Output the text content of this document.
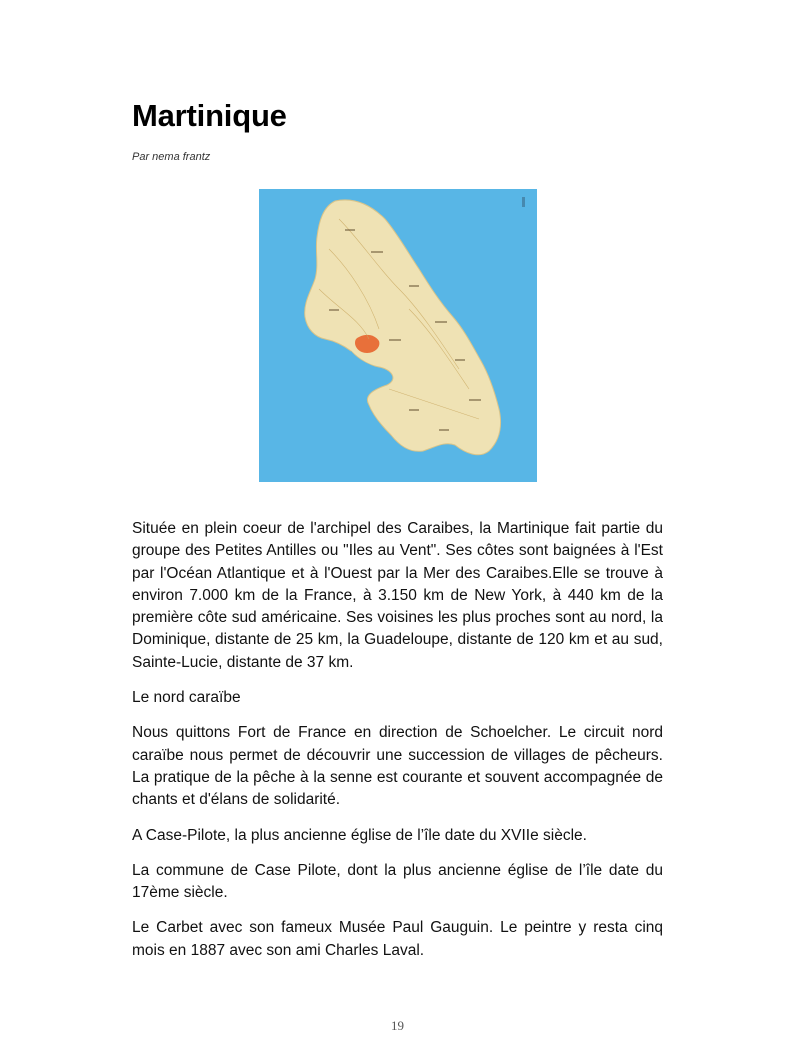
Martinique
Par nema frantz

Située en plein coeur de l'archipel des Caraibes, la Martinique fait partie du groupe des Petites Antilles ou "Iles au Vent". Ses côtes sont baignées à l'Est par l'Océan Atlantique et à l'Ouest par la Mer des Caraibes.Elle se trouve à environ 7.000 km de la France, à 3.150 km de New York, à 440 km de la première côte sud américaine. Ses voisines les plus proches sont au nord, la Dominique, distante de 25 km, la Guadeloupe, distante de 120 km et au sud, Sainte-Lucie, distante de 37 km.

Le nord caraïbe

Nous quittons Fort de France en direction de Schoelcher. Le circuit nord caraïbe nous permet de découvrir une succession de villages de pêcheurs. La pratique de la pêche à la senne est courante et souvent accompagnée de chants et d'élans de solidarité.

A Case-Pilote, la plus ancienne église de l’île date du XVIIe siècle.

La commune de Case Pilote, dont la plus ancienne église de l’île date du 17ème siècle.

Le Carbet avec son fameux Musée Paul Gauguin. Le peintre y resta cinq mois en 1887 avec son ami Charles Laval.

19
